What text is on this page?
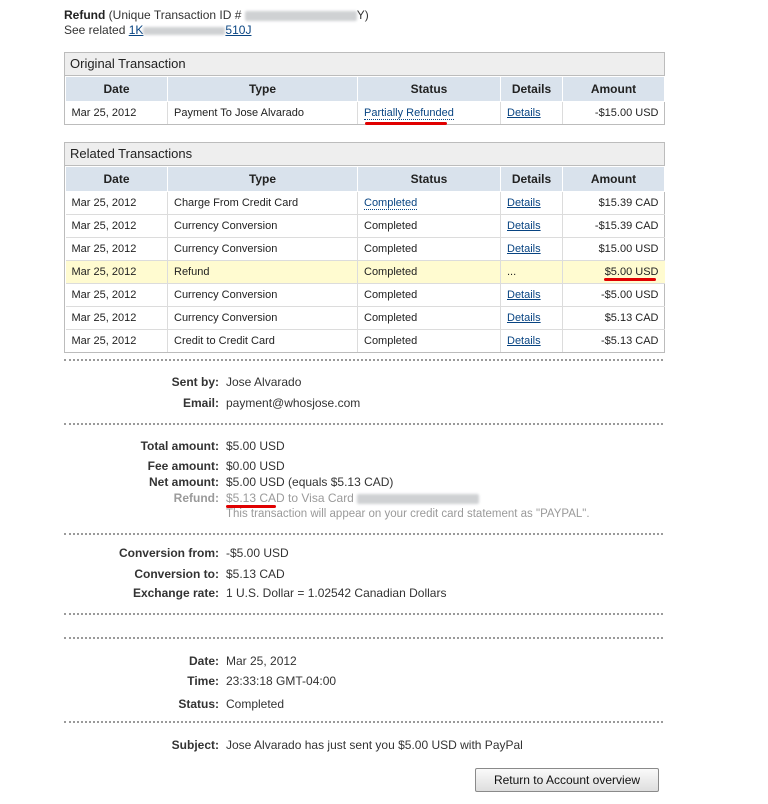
Refund (Unique Transaction ID #	Y)
See related 1K	510J
Original Transaction
Date	Type	Status	Details	Amount
Mar 25, 2012	Payment To Jose Alvarado	Partially Refunded	Details	-$15.00 USD
Related Transactions
Date	Type	Status	Details	Amount
Mar 25, 2012	Charge From Credit Card	Completed	Details	$15.39 CAD
Mar 25, 2012	Currency Conversion	Completed	Details	-$15.39 CAD
Mar 25, 2012	Currency Conversion	Completed	Details	$15.00 USD
Mar 25, 2012	Refund	Completed	...	$5.00 USD
Mar 25, 2012	Currency Conversion	Completed	Details	-$5.00 USD
Mar 25, 2012	Currency Conversion	Completed	Details	$5.13 CAD
Mar 25, 2012	Credit to Credit Card	Completed	Details	-$5.13 CAD
Sent by: Jose Alvarado
Email: payment@whosjose.com
Total amount: $5.00 USD
Fee amount: $0.00 USD
Net amount: $5.00 USD (equals $5.13 CAD)
Refund: $5.13 CAD to Visa Card
This transaction will appear on your credit card statement as "PAYPAL".
Conversion from: -$5.00 USD
Conversion to: $5.13 CAD
Exchange rate: 1 U.S. Dollar = 1.02542 Canadian Dollars
Date: Mar 25, 2012
Time: 23:33:18 GMT-04:00
Status: Completed
Subject: Jose Alvarado has just sent you $5.00 USD with PayPal
Return to Account overview
